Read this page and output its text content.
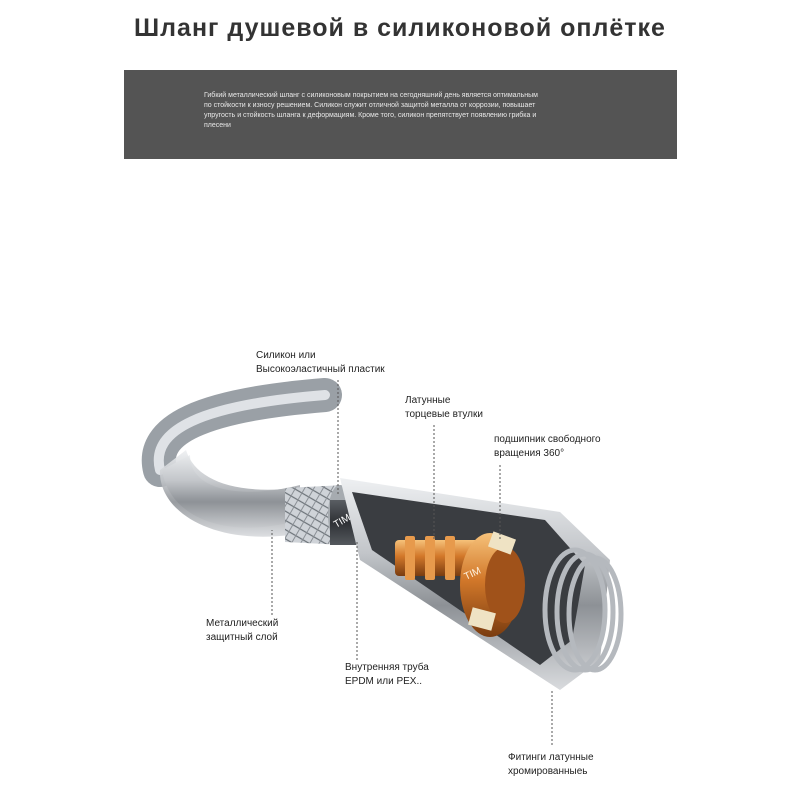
Шланг душевой в силиконовой оплётке
Гибкий металлический шланг с силиконовым покрытием на сегодняшний день является оптимальным
по стойкости к износу решением. Силикон служит отличной защитой металла от коррозии, повышает
упругость и стойкость шланга к деформациям. Кроме того, силикон препятствует появлению грибка и
плесени
TIM
TIM
Силикон или
Высокоэластичный пластик
Латунные
торцевые втулки
подшипник свободного
вращения 360°
Металлический
защитный слой
Внутренняя труба
EPDM или PEX..
Фитинги латунные
хромированныеь
